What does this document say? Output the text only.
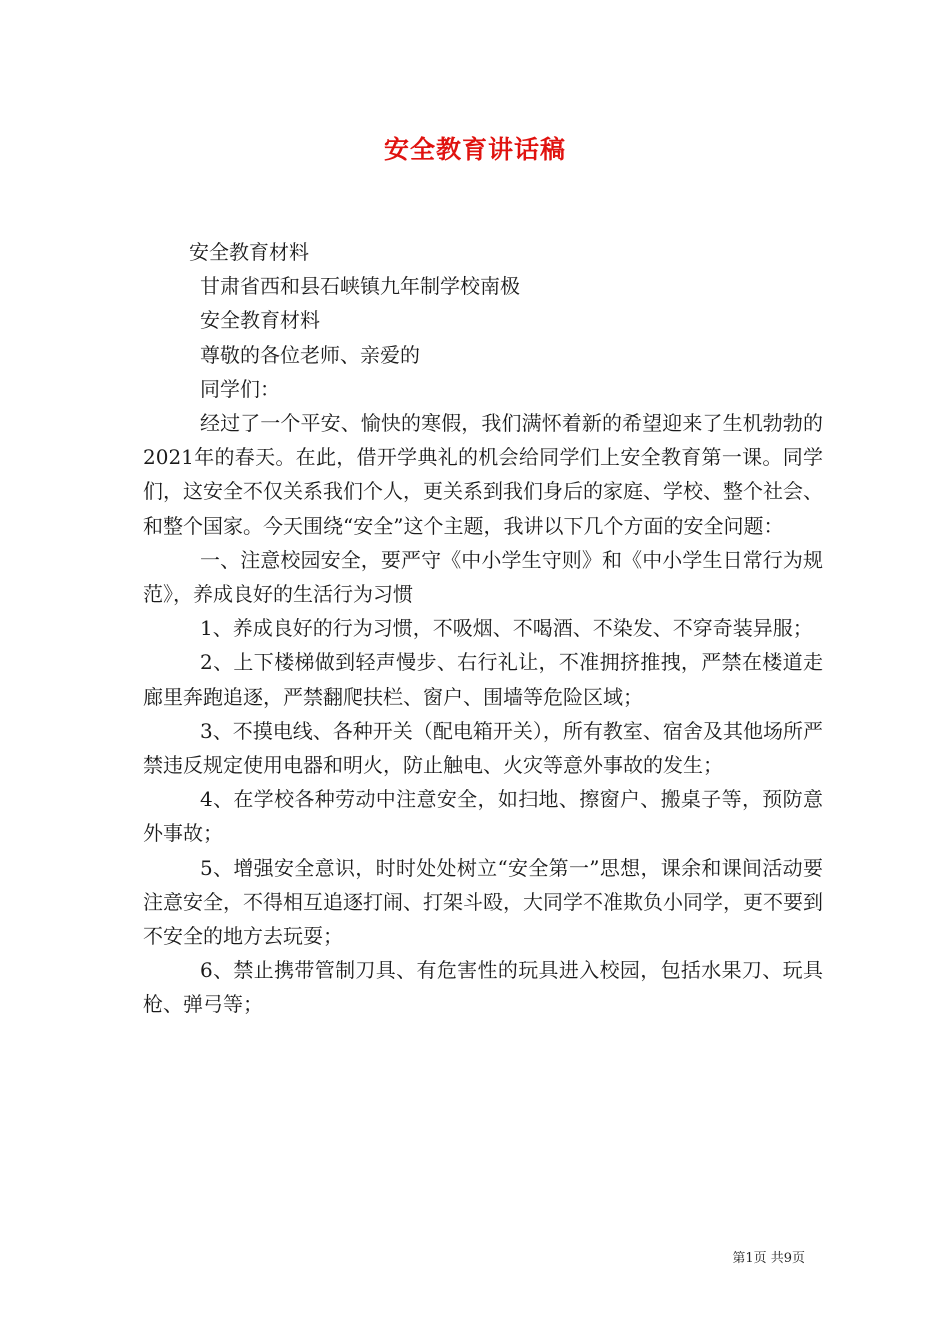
安全教育讲话稿

安全教育材料

甘肃省西和县石峡镇九年制学校南极

安全教育材料

尊敬的各位老师、亲爱的

同学们：

经过了一个平安、愉快的寒假，我们满怀着新的希望迎来了生机勃勃的2021年的春天。在此，借开学典礼的机会给同学们上安全教育第一课。同学们，这安全不仅关系我们个人，更关系到我们身后的家庭、学校、整个社会、和整个国家。今天围绕“安全”这个主题，我讲以下几个方面的安全问题：

一、注意校园安全，要严守《中小学生守则》和《中小学生日常行为规范》，养成良好的生活行为习惯

1、养成良好的行为习惯，不吸烟、不喝酒、不染发、不穿奇装异服；

2、上下楼梯做到轻声慢步、右行礼让，不准拥挤推拽，严禁在楼道走廊里奔跑追逐，严禁翻爬扶栏、窗户、围墙等危险区域；

3、不摸电线、各种开关（配电箱开关），所有教室、宿舍及其他场所严禁违反规定使用电器和明火，防止触电、火灾等意外事故的发生；

4、在学校各种劳动中注意安全，如扫地、擦窗户、搬桌子等，预防意外事故；

5、增强安全意识，时时处处树立“安全第一”思想，课余和课间活动要注意安全，不得相互追逐打闹、打架斗殴，大同学不准欺负小同学，更不要到不安全的地方去玩耍；

6、禁止携带管制刀具、有危害性的玩具进入校园，包括水果刀、玩具枪、弹弓等；

第1页 共9页
